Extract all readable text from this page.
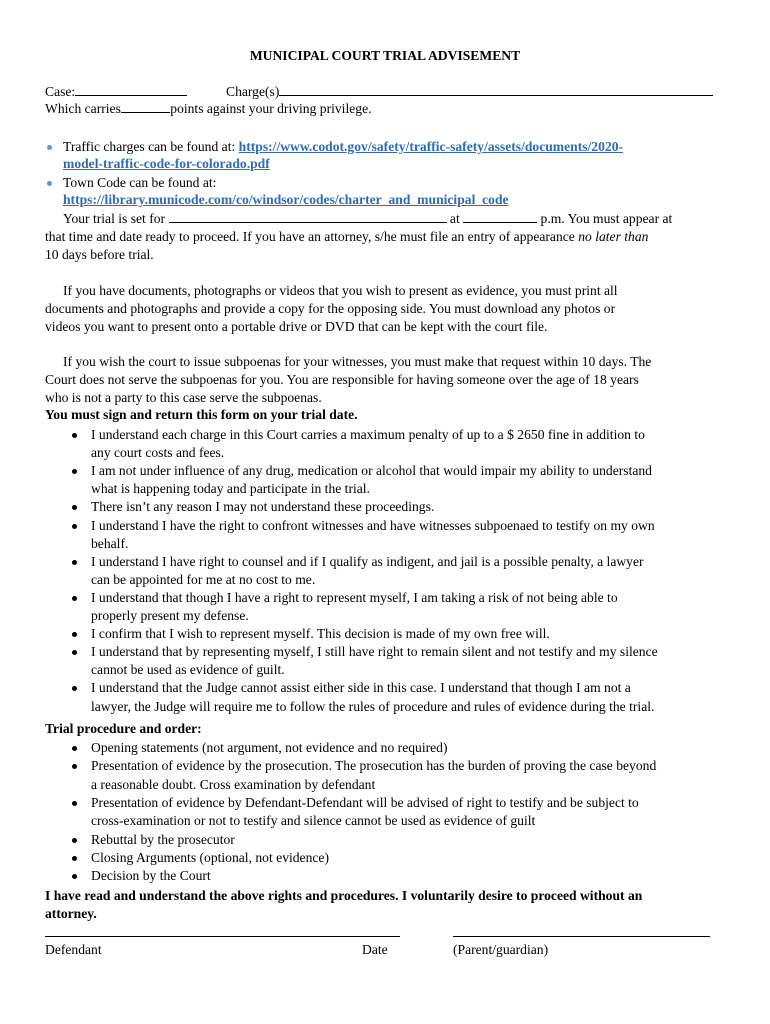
MUNICIPAL COURT TRIAL ADVISEMENT
Case:	Charge(s)
Which carries	points against your driving privilege.
Traffic charges can be found at: https://www.codot.gov/safety/traffic-safety/assets/documents/2020-
model-traffic-code-for-colorado.pdf
Town Code can be found at:
https://library.municode.com/co/windsor/codes/charter_and_municipal_code
Your trial is set for	at	p.m. You must appear at
that time and date ready to proceed. If you have an attorney, s/he must file an entry of appearance no later than
10 days before trial.
If you have documents, photographs or videos that you wish to present as evidence, you must print all
documents and photographs and provide a copy for the opposing side. You must download any photos or
videos you want to present onto a portable drive or DVD that can be kept with the court file.
If you wish the court to issue subpoenas for your witnesses, you must make that request within 10 days. The
Court does not serve the subpoenas for you. You are responsible for having someone over the age of 18 years
who is not a party to this case serve the subpoenas.
You must sign and return this form on your trial date.
I understand each charge in this Court carries a maximum penalty of up to a $ 2650 fine in addition to
any court costs and fees.
I am not under influence of any drug, medication or alcohol that would impair my ability to understand
what is happening today and participate in the trial.
There isn’t any reason I may not understand these proceedings.
I understand I have the right to confront witnesses and have witnesses subpoenaed to testify on my own
behalf.
I understand I have right to counsel and if I qualify as indigent, and jail is a possible penalty, a lawyer
can be appointed for me at no cost to me.
I understand that though I have a right to represent myself, I am taking a risk of not being able to
properly present my defense.
I confirm that I wish to represent myself. This decision is made of my own free will.
I understand that by representing myself, I still have right to remain silent and not testify and my silence
cannot be used as evidence of guilt.
I understand that the Judge cannot assist either side in this case. I understand that though I am not a
lawyer, the Judge will require me to follow the rules of procedure and rules of evidence during the trial.
Trial procedure and order:
Opening statements (not argument, not evidence and no required)
Presentation of evidence by the prosecution. The prosecution has the burden of proving the case beyond
a reasonable doubt. Cross examination by defendant
Presentation of evidence by Defendant-Defendant will be advised of right to testify and be subject to
cross-examination or not to testify and silence cannot be used as evidence of guilt
Rebuttal by the prosecutor
Closing Arguments (optional, not evidence)
Decision by the Court
I have read and understand the above rights and procedures. I voluntarily desire to proceed without an
attorney.
Defendant	Date	(Parent/guardian)
